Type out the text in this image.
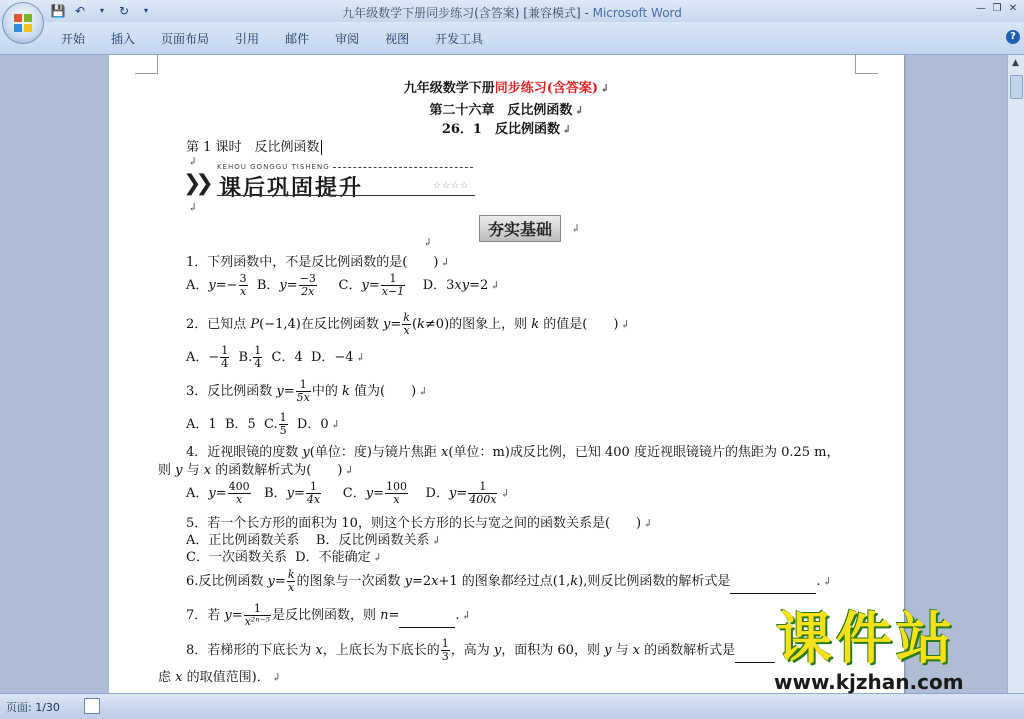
💾 ↶	▾	↻	▾	九年级数学下册同步练习(含答案) [兼容模式] - Microsoft Word	— ❐ ✕
开始	插入	页面布局	引用	邮件	审阅	视图	开发工具	?
九年级数学下册同步练习(含答案) ↲
第二十六章　反比例函数 ↲
26．1　反比例函数 ↲
第 1 课时　反比例函数
↲	KEHOU GONGGU TISHENG
❯❯ 课后巩固提升	☆☆☆☆
↲
夯实基础	↲
↲
1．下列函数中，不是反比例函数的是(　　) ↲
A．$y=- \frac{3}{x}$ B．$y= \frac{-3}{2x}$ C．$y= \frac{1}{x-1}$ D．3xy=2 ↲
2．已知点 P(−1,4)在反比例函数 $y= \frac{k}{x} (k\ne 0)$的图象上，则 k 的值是(　　) ↲
A．− $\frac{1}{4} B$. $\frac{1}{4}$ C．4 D．−4 ↲
3．反比例函数 $y= \frac{1}{5x}$ 中的 k 值为(　　) ↲
A．1 B．5 C. $\frac{1}{5}$ D．0 ↲
4．近视眼镜的度数 y(单位：度)与镜片焦距 x(单位：m)成反比例，已知 400 度近视眼镜镜片的焦距为 0.25 m，
则 y 与 x 的函数解析式为(　　) ↲
A．$y= \frac{400}{x}$ B．$y= \frac{1}{4x}$ C．$y= \frac{100}{x}$ D．$y= \frac{1}{400x}$ ↲
5．若一个长方形的面积为 10，则这个长方形的长与宽之间的函数关系是(　　) ↲
A．正比例函数关系 B．反比例函数关系 ↲
C．一次函数关系 D．不能确定 ↲
6.反比例函数 $y= \frac{k}{x}$ 的图象与一次函数 y=2x+1 的图象都经过点(1,k),则反比例函数的解析式是	. ↲
7．若 $y= \frac{1}{\text{x²ⁿ⁻⁵}}$ 是反比例函数，则 n=	. ↲
8．若梯形的下底长为 x，上底长为下底长的 $\frac{1}{3}$ ，高为 y，面积为 60，则 y 与 x 的函数解析式是
虑 x 的取值范围)． ↲
▲
页面: 1/30
课件站
www.kjzhan.com
